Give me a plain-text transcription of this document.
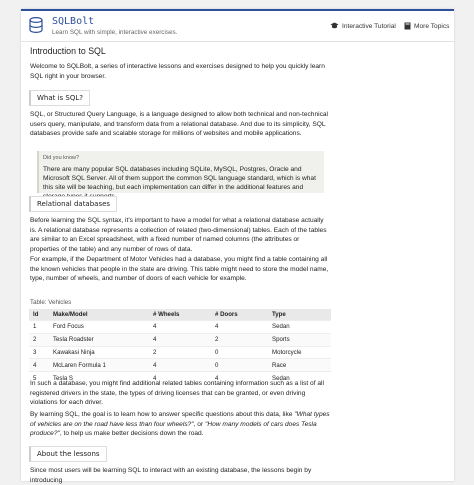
SQLBolt
Learn SQL with simple, interactive exercises.
Interactive Tutorial	More Topics
Introduction to SQL
Welcome to SQLBolt, a series of interactive lessons and exercises designed to help you quickly learn SQL right in your browser.
What is SQL?
SQL, or Structured Query Language, is a language designed to allow both technical and non-technical users query, manipulate, and transform data from a relational database. And due to its simplicity, SQL databases provide safe and scalable storage for millions of websites and mobile applications.
Did you know?
There are many popular SQL databases including SQLite, MySQL, Postgres, Oracle and Microsoft SQL Server. All of them support the common SQL language standard, which is what this site will be teaching, but each implementation can differ in the additional features and
Relational databases
Before learning the SQL syntax, it's important to have a model for what a relational database actually is. A relational database represents a collection of related (two-dimensional) tables. Each of the tables are similar to an Excel spreadsheet, with a fixed number of named columns (the attributes or properties of the table) and any number of rows of data.
For example, if the Department of Motor Vehicles had a database, you might find a table containing all the known vehicles that people in the state are driving. This table might need to store the model name, type, number of wheels, and number of doors of each vehicle for example.
Table: Vehicles
Id	Make/Model	# Wheels	# Doors	Type
1	Ford Focus	4	4	Sedan
2	Tesla Roadster	4	2	Sports
3	Kawakasi Ninja	2	0	Motorcycle
4	McLaren Formula 1	4	0	Race
5	Tesla S	4	4	Sedan
In such a database, you might find additional related tables containing information such as a list of all registered drivers in the state, the types of driving licenses that can be granted, or even driving violations for each driver.
By learning SQL, the goal is to learn how to answer specific questions about this data, like "What types of vehicles are on the road have less than four wheels?", or "How many models of cars does Tesla produce?", to help us make better decisions down the road.
About the lessons
Since most users will be learning SQL to interact with an existing database, the lessons begin by introducing
